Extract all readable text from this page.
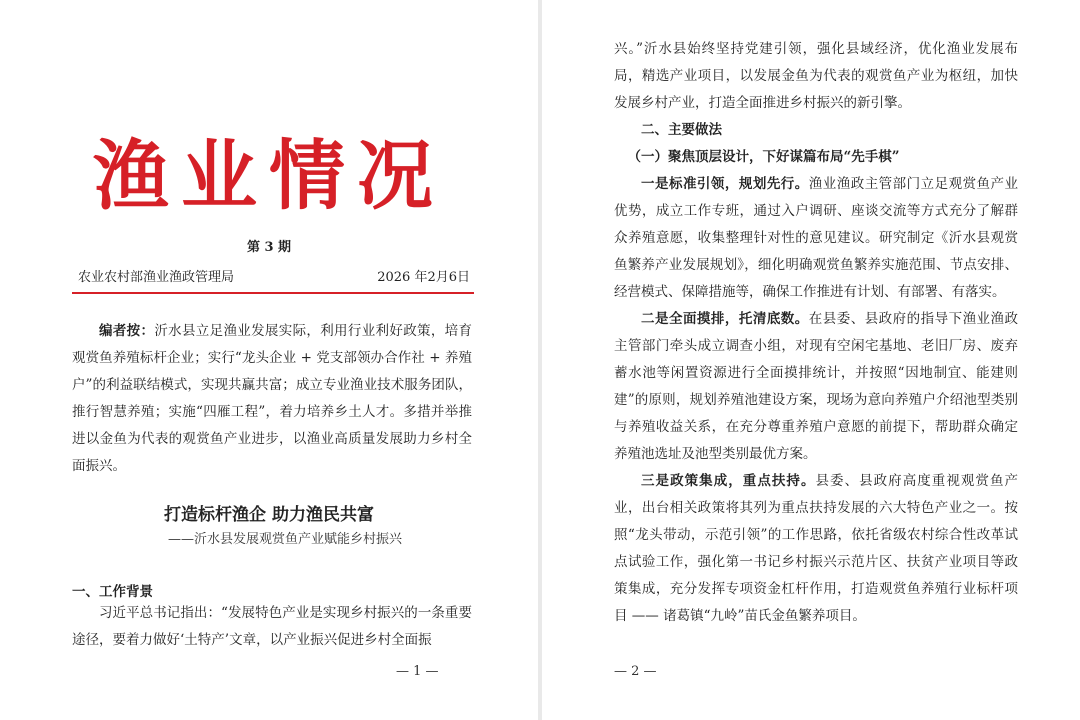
渔业情况
第 3 期
农业农村部渔业渔政管理局	2026 年2月6日
编者按：沂水县立足渔业发展实际，利用行业利好政策，培育观赏鱼养殖标杆企业；实行“龙头企业 + 党支部领办合作社 + 养殖户”的利益联结模式，实现共赢共富；成立专业渔业技术服务团队，推行智慧养殖；实施“四雁工程”，着力培养乡土人才。多措并举推进以金鱼为代表的观赏鱼产业进步，以渔业高质量发展助力乡村全面振兴。
打造标杆渔企 助力渔民共富
——沂水县发展观赏鱼产业赋能乡村振兴
一、工作背景
习近平总书记指出：“发展特色产业是实现乡村振兴的一条重要途径，要着力做好‘土特产’文章，以产业振兴促进乡村全面振
— 1 —

兴。”沂水县始终坚持党建引领，强化县域经济，优化渔业发展布局，精选产业项目，以发展金鱼为代表的观赏鱼产业为枢纽，加快发展乡村产业，打造全面推进乡村振兴的新引擎。

二、主要做法

（一）聚焦顶层设计，下好谋篇布局“先手棋”

一是标准引领，规划先行。渔业渔政主管部门立足观赏鱼产业优势，成立工作专班，通过入户调研、座谈交流等方式充分了解群众养殖意愿，收集整理针对性的意见建议。研究制定《沂水县观赏鱼繁养产业发展规划》，细化明确观赏鱼繁养实施范围、节点安排、经营模式、保障措施等，确保工作推进有计划、有部署、有落实。

二是全面摸排，托清底数。在县委、县政府的指导下渔业渔政主管部门牵头成立调查小组，对现有空闲宅基地、老旧厂房、废弃蓄水池等闲置资源进行全面摸排统计，并按照“因地制宜、能建则建”的原则，规划养殖池建设方案，现场为意向养殖户介绍池型类别与养殖收益关系，在充分尊重养殖户意愿的前提下，帮助群众确定养殖池选址及池型类别最优方案。

三是政策集成，重点扶持。县委、县政府高度重视观赏鱼产业，出台相关政策将其列为重点扶持发展的六大特色产业之一。按照“龙头带动，示范引领”的工作思路，依托省级农村综合性改革试点试验工作，强化第一书记乡村振兴示范片区、扶贫产业项目等政策集成，充分发挥专项资金杠杆作用，打造观赏鱼养殖行业标杆项目 —— 诸葛镇“九岭”苗氏金鱼繁养项目。

— 2 —
